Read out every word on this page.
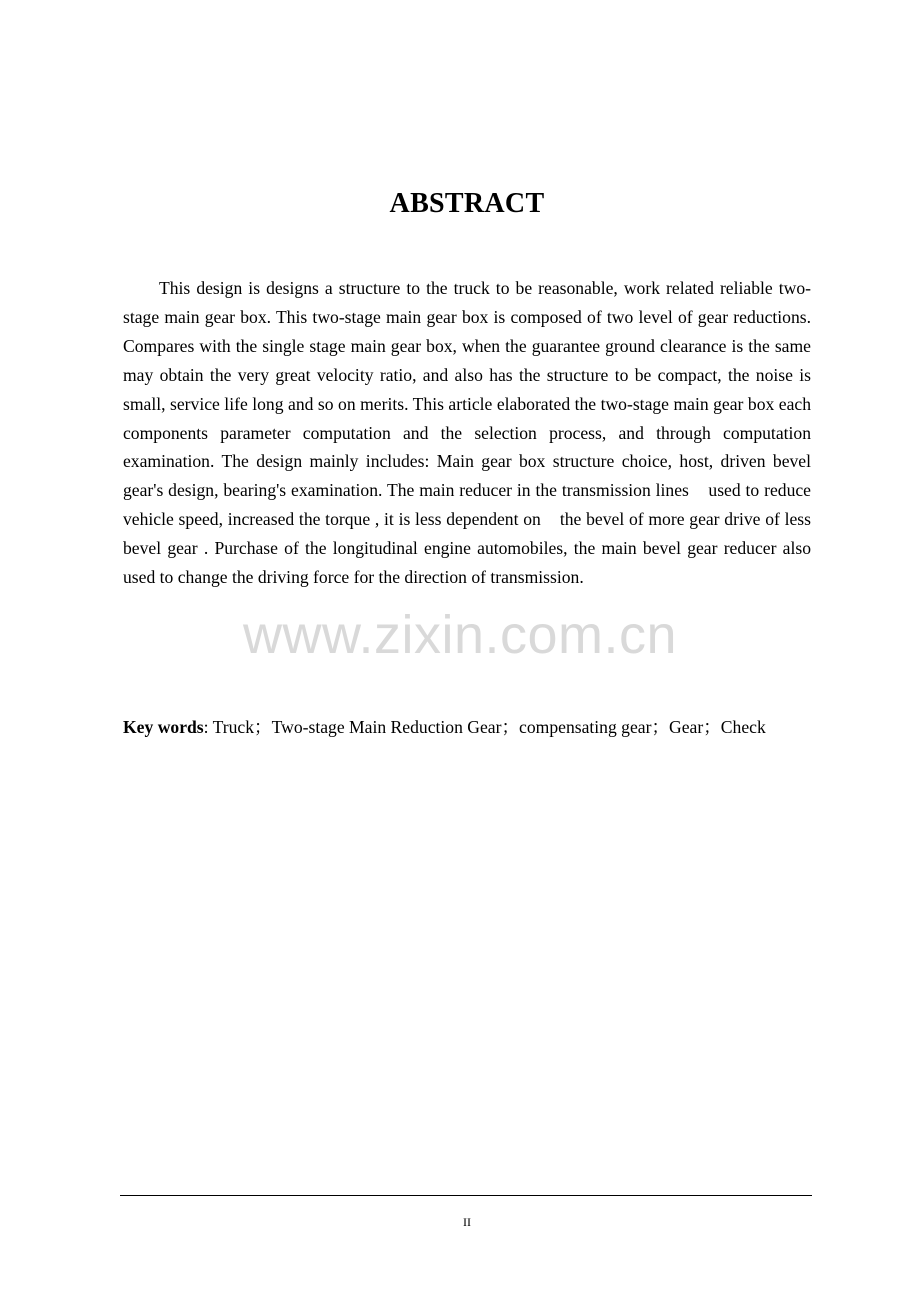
ABSTRACT

This design is designs a structure to the truck to be reasonable, work related reliable two-stage main gear box. This two-stage main gear box is composed of two level of gear reductions. Compares with the single stage main gear box, when the guarantee ground clearance is the same may obtain the very great velocity ratio, and also has the structure to be compact, the noise is small, service life long and so on merits. This article elaborated the two-stage main gear box each components parameter computation and the selection process, and through computation examination. The design mainly includes: Main gear box structure choice, host, driven bevel gear's design, bearing's examination. The main reducer in the transmission lines    used to reduce vehicle speed, increased the torque , it is less dependent on    the bevel of more gear drive of less bevel gear . Purchase of the longitudinal engine automobiles, the main bevel gear reducer also used to change the driving force for the direction of transmission.

www.zixin.com.cn

Key words: Truck；Two-stage Main Reduction Gear；compensating gear；Gear；Check

II
